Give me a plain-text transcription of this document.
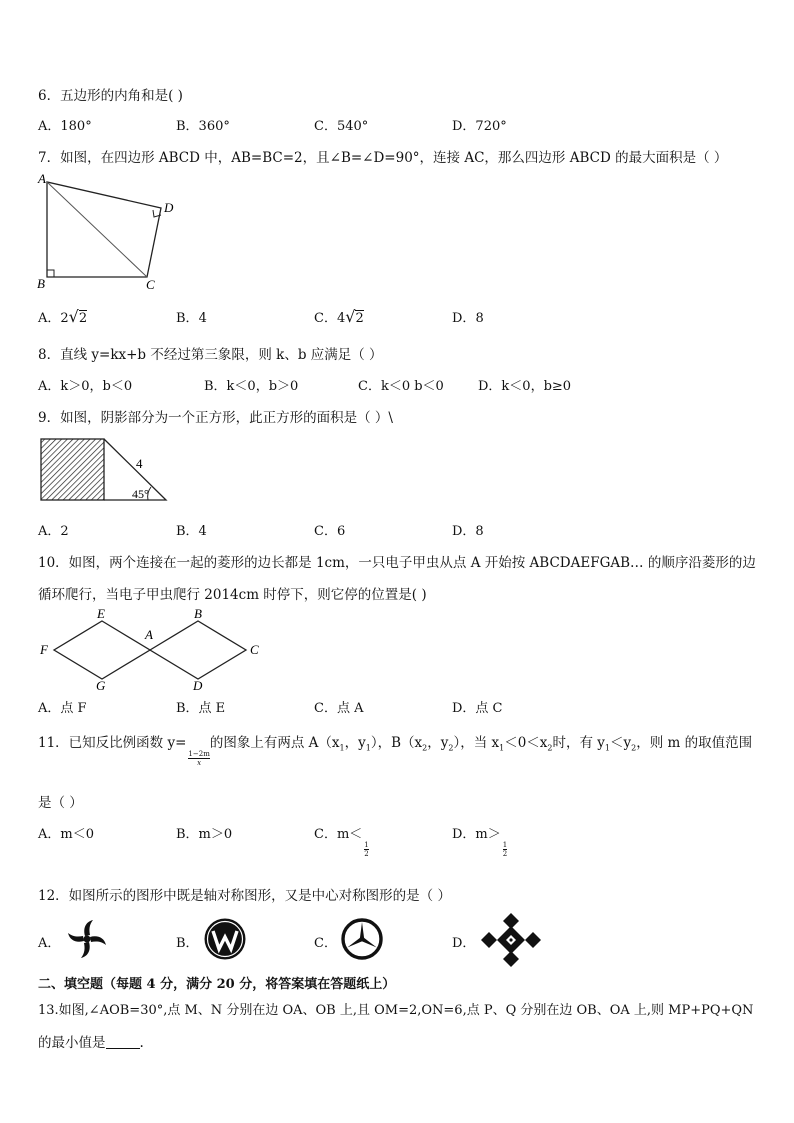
6．五边形的内角和是( )
A．180°	B．360°	C．540°	D．720°
7．如图，在四边形 ABCD 中，AB=BC=2，且∠B=∠D=90°，连接 AC，那么四边形 ABCD 的最大面积是（ ）
A
D
B	C
A．2√2	B．4	C．4√2	D．8
8．直线 y=kx+b 不经过第三象限，则 k、b 应满足（ ）
A．k＞0，b＜0	B．k＜0，b＞0	C．k＜0 b＜0	D．k＜0，b≥0
9．如图，阴影部分为一个正方形，此正方形的面积是（ ）\
4
45°
A．2	B．4	C．6	D．8
10．如图，两个连接在一起的菱形的边长都是 1cm，一只电子甲虫从点 A 开始按 ABCDAEFGAB… 的顺序沿菱形的边
循环爬行，当电子甲虫爬行 2014cm 时停下，则它停的位置是( )
E	B
A
F	C
G	D
A．点 F	B．点 E	C．点 A	D．点 C
11．已知反比例函数 y=
$\frac{1-2m}{x}$
的图象上有两点 $A(x_1$，$y_1$），$B(x_2$，$y_2$），当 $x_1<0<x_2$时，有 $y_1<y_2$，则 m 的取值范围
是（ ）
A．m＜0	B．m＞0	C．m＜
$\frac{1}{2}$
D．m＞
$\frac{1}{2}$
12．如图所示的图形中既是轴对称图形，又是中心对称图形的是（ ）
A．	B．	C．	D．
二、填空题（每题 4 分，满分 20 分，将答案填在答题纸上）
13.如图,∠AOB=30°,点 M、N 分别在边 OA、OB 上,且 OM=2,ON=6,点 P、Q 分别在边 OB、OA 上,则 MP+PQ+QN
的最小值是	.
